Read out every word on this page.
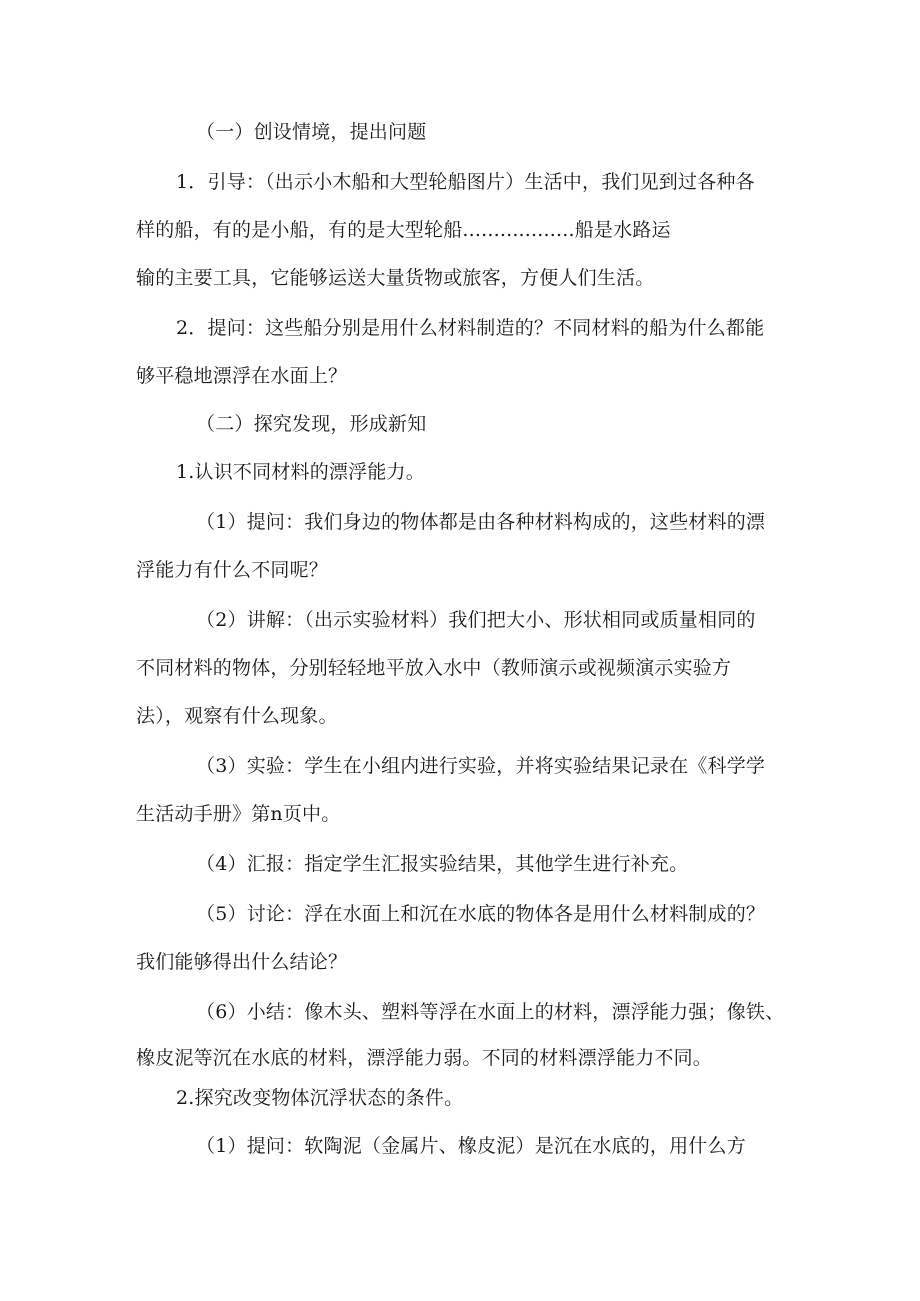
（一）创设情境，提出问题
1．引导：（出示小木船和大型轮船图片）生活中，我们见到过各种各
样的船，有的是小船，有的是大型轮船..................船是水路运
输的主要工具，它能够运送大量货物或旅客，方便人们生活。
2．提问：这些船分别是用什么材料制造的？不同材料的船为什么都能
够平稳地漂浮在水面上？
（二）探究发现，形成新知
1.认识不同材料的漂浮能力。
（1）提问：我们身边的物体都是由各种材料构成的，这些材料的漂
浮能力有什么不同呢？
（2）讲解：（出示实验材料）我们把大小、形状相同或质量相同的
不同材料的物体，分别轻轻地平放入水中（教师演示或视频演示实验方
法），观察有什么现象。
（3）实验：学生在小组内进行实验，并将实验结果记录在《科学学
生活动手册》第n页中。
（4）汇报：指定学生汇报实验结果，其他学生进行补充。
（5）讨论：浮在水面上和沉在水底的物体各是用什么材料制成的？
我们能够得出什么结论？
（6）小结：像木头、塑料等浮在水面上的材料，漂浮能力强；像铁、
橡皮泥等沉在水底的材料，漂浮能力弱。不同的材料漂浮能力不同。
2.探究改变物体沉浮状态的条件。
（1）提问：软陶泥（金属片、橡皮泥）是沉在水底的，用什么方
